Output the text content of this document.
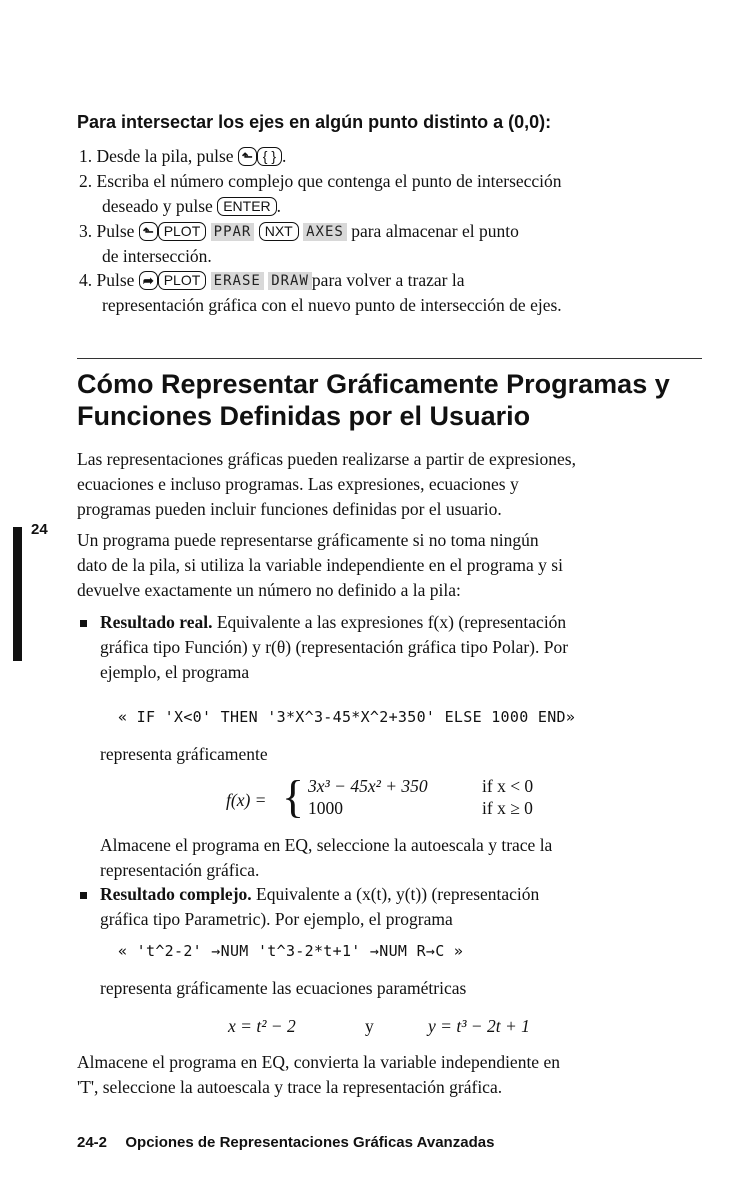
Para intersectar los ejes en algún punto distinto a (0,0):
1. Desde la pila, pulse ⬑ { } .
2. Escriba el número complejo que contenga el punto de intersección
deseado y pulse ENTER .
3. Pulse ⬑ PLOT PPAR NXT AXES para almacenar el punto
de intersección.
4. Pulse ➦ PLOT ERASE DRAW para volver a trazar la
representación gráfica con el nuevo punto de intersección de ejes.
Cómo Representar Gráficamente Programas y
Funciones Definidas por el Usuario
Las representaciones gráficas pueden realizarse a partir de expresiones,
ecuaciones e incluso programas. Las expresiones, ecuaciones y
programas pueden incluir funciones definidas por el usuario.
24
Un programa puede representarse gráficamente si no toma ningún
dato de la pila, si utiliza la variable independiente en el programa y si
devuelve exactamente un número no definido a la pila:
Resultado real. Equivalente a las expresiones f(x) (representación
gráfica tipo Función) y r(θ) (representación gráfica tipo Polar). Por
ejemplo, el programa
« IF 'X<0' THEN '3*X^3-45*X^2+350' ELSE 1000 END»
representa gráficamente
f(x) = { 3x³ − 45x² + 350	if x < 0
1000	if x ≥ 0
Almacene el programa en EQ, seleccione la autoescala y trace la
representación gráfica.
Resultado complejo. Equivalente a (x(t), y(t)) (representación
gráfica tipo Parametric). Por ejemplo, el programa
« 't^2-2' →NUM 't^3-2*t+1' →NUM R→C »
representa gráficamente las ecuaciones paramétricas
x = t² − 2	y	y = t³ − 2t + 1
Almacene el programa en EQ, convierta la variable independiente en
'T', seleccione la autoescala y trace la representación gráfica.
24-2 Opciones de Representaciones Gráficas Avanzadas
